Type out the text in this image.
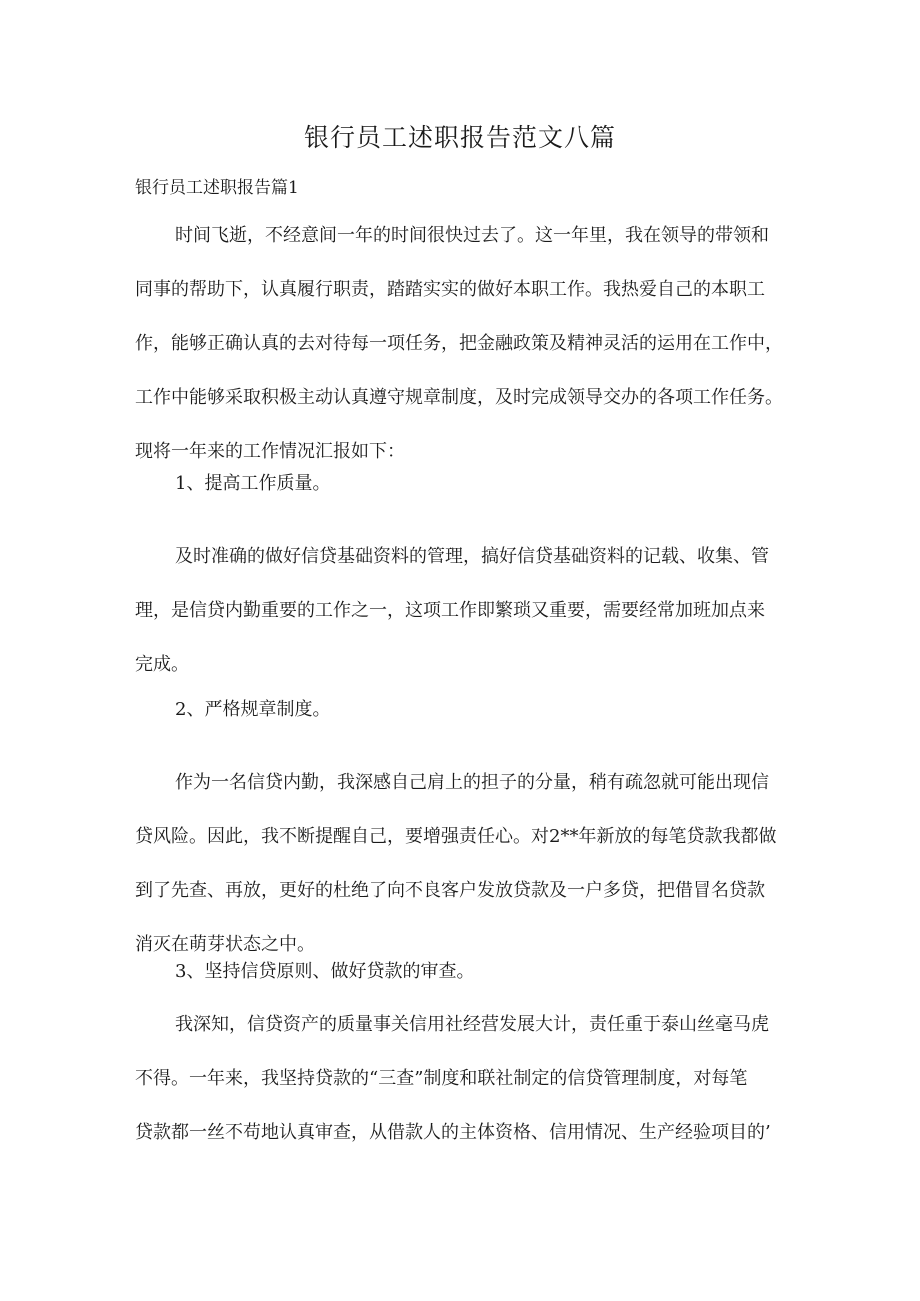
银行员工述职报告范文八篇
银行员工述职报告篇1
时间飞逝，不经意间一年的时间很快过去了。这一年里，我在领导的带领和
同事的帮助下，认真履行职责，踏踏实实的做好本职工作。我热爱自己的本职工
作，能够正确认真的去对待每一项任务，把金融政策及精神灵活的运用在工作中，
工作中能够采取积极主动认真遵守规章制度，及时完成领导交办的各项工作任务。
现将一年来的工作情况汇报如下：
1、提高工作质量。
及时准确的做好信贷基础资料的管理，搞好信贷基础资料的记载、收集、管
理，是信贷内勤重要的工作之一，这项工作即繁琐又重要，需要经常加班加点来
完成。
2、严格规章制度。
作为一名信贷内勤，我深感自己肩上的担子的分量，稍有疏忽就可能出现信
贷风险。因此，我不断提醒自己，要增强责任心。对2**年新放的每笔贷款我都做
到了先查、再放，更好的杜绝了向不良客户发放贷款及一户多贷，把借冒名贷款
消灭在萌芽状态之中。
3、坚持信贷原则、做好贷款的审查。
我深知，信贷资产的质量事关信用社经营发展大计，责任重于泰山丝毫马虎
不得。一年来，我坚持贷款的“三查”制度和联社制定的信贷管理制度，对每笔
贷款都一丝不苟地认真审查，从借款人的主体资格、信用情况、生产经验项目的’
